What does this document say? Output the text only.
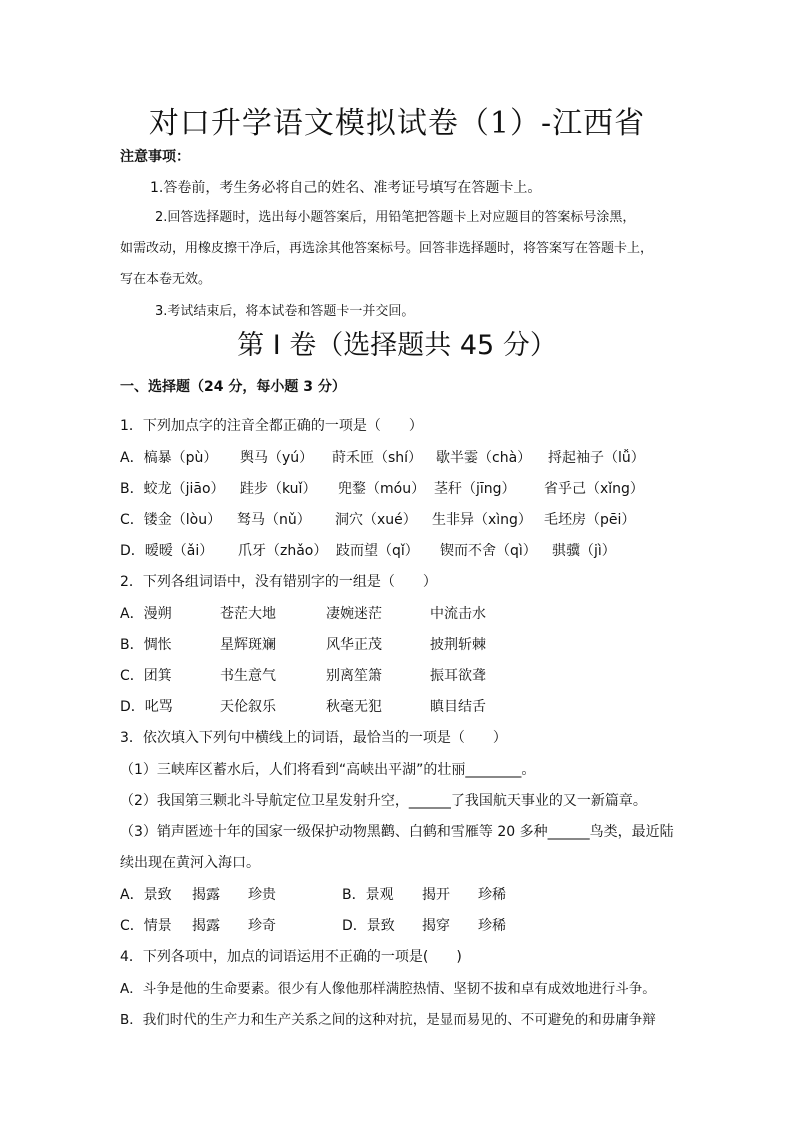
对口升学语文模拟试卷（1）-江西省
注意事项：
1.答卷前，考生务必将自己的姓名、准考证号填写在答题卡上。
2.回答选择题时，选出每小题答案后，用铅笔把答题卡上对应题目的答案标号涂黑，
如需改动，用橡皮擦干净后，再选涂其他答案标号。回答非选择题时，将答案写在答题卡上，
写在本卷无效。
3.考试结束后，将本试卷和答题卡一并交回。
第 I 卷（选择题共 45 分）
一、选择题（24 分，每小题 3 分）
1．下列加点字的注音全都正确的一项是（　　）
A．槁暴（pù） 舆马（yú） 莳禾匝（shí） 歇半霎（chà） 捋起袖子（lǚ）
B．蛟龙（jiāo） 跬步（kuǐ） 兜鍪（móu） 茎秆（jīng） 省乎己（xǐng）
C．镂金（lòu） 驽马（nǔ） 洞穴（xué） 生非异（xìng） 毛坯房（pēi）
D．暧暧（ǎi） 爪牙（zhǎo） 跂而望（qǐ） 锲而不舍（qì） 骐骥（jì）
2．下列各组词语中，没有错别字的一组是（　　）
A．漫朔	苍茫大地	凄婉迷茫	中流击水
B．惆怅	星辉斑斓	风华正茂	披荆斩棘
C．团箕	书生意气	别离笙箫	振耳欲聋
D．叱骂	天伦叙乐	秋毫无犯	瞋目结舌
3．依次填入下列句中横线上的词语，最恰当的一项是（　　）
（1）三峡库区蓄水后，人们将看到“高峡出平湖”的壮丽________。
（2）我国第三颗北斗导航定位卫星发射升空，______了我国航天事业的又一新篇章。
（3）销声匿迹十年的国家一级保护动物黑鹳、白鹤和雪雁等 20 多种______鸟类，最近陆
续出现在黄河入海口。
A．景致 揭露 珍贵	B．景观 揭开 珍稀
C．情景 揭露 珍奇	D．景致 揭穿 珍稀
4．下列各项中，加点的词语运用不正确的一项是(　　)
A．斗争是他的生命要素。很少有人像他那样满腔热情、坚韧不拔和卓有成效地进行斗争。
B．我们时代的生产力和生产关系之间的这种对抗，是显而易见的、不可避免的和毋庸争辩
